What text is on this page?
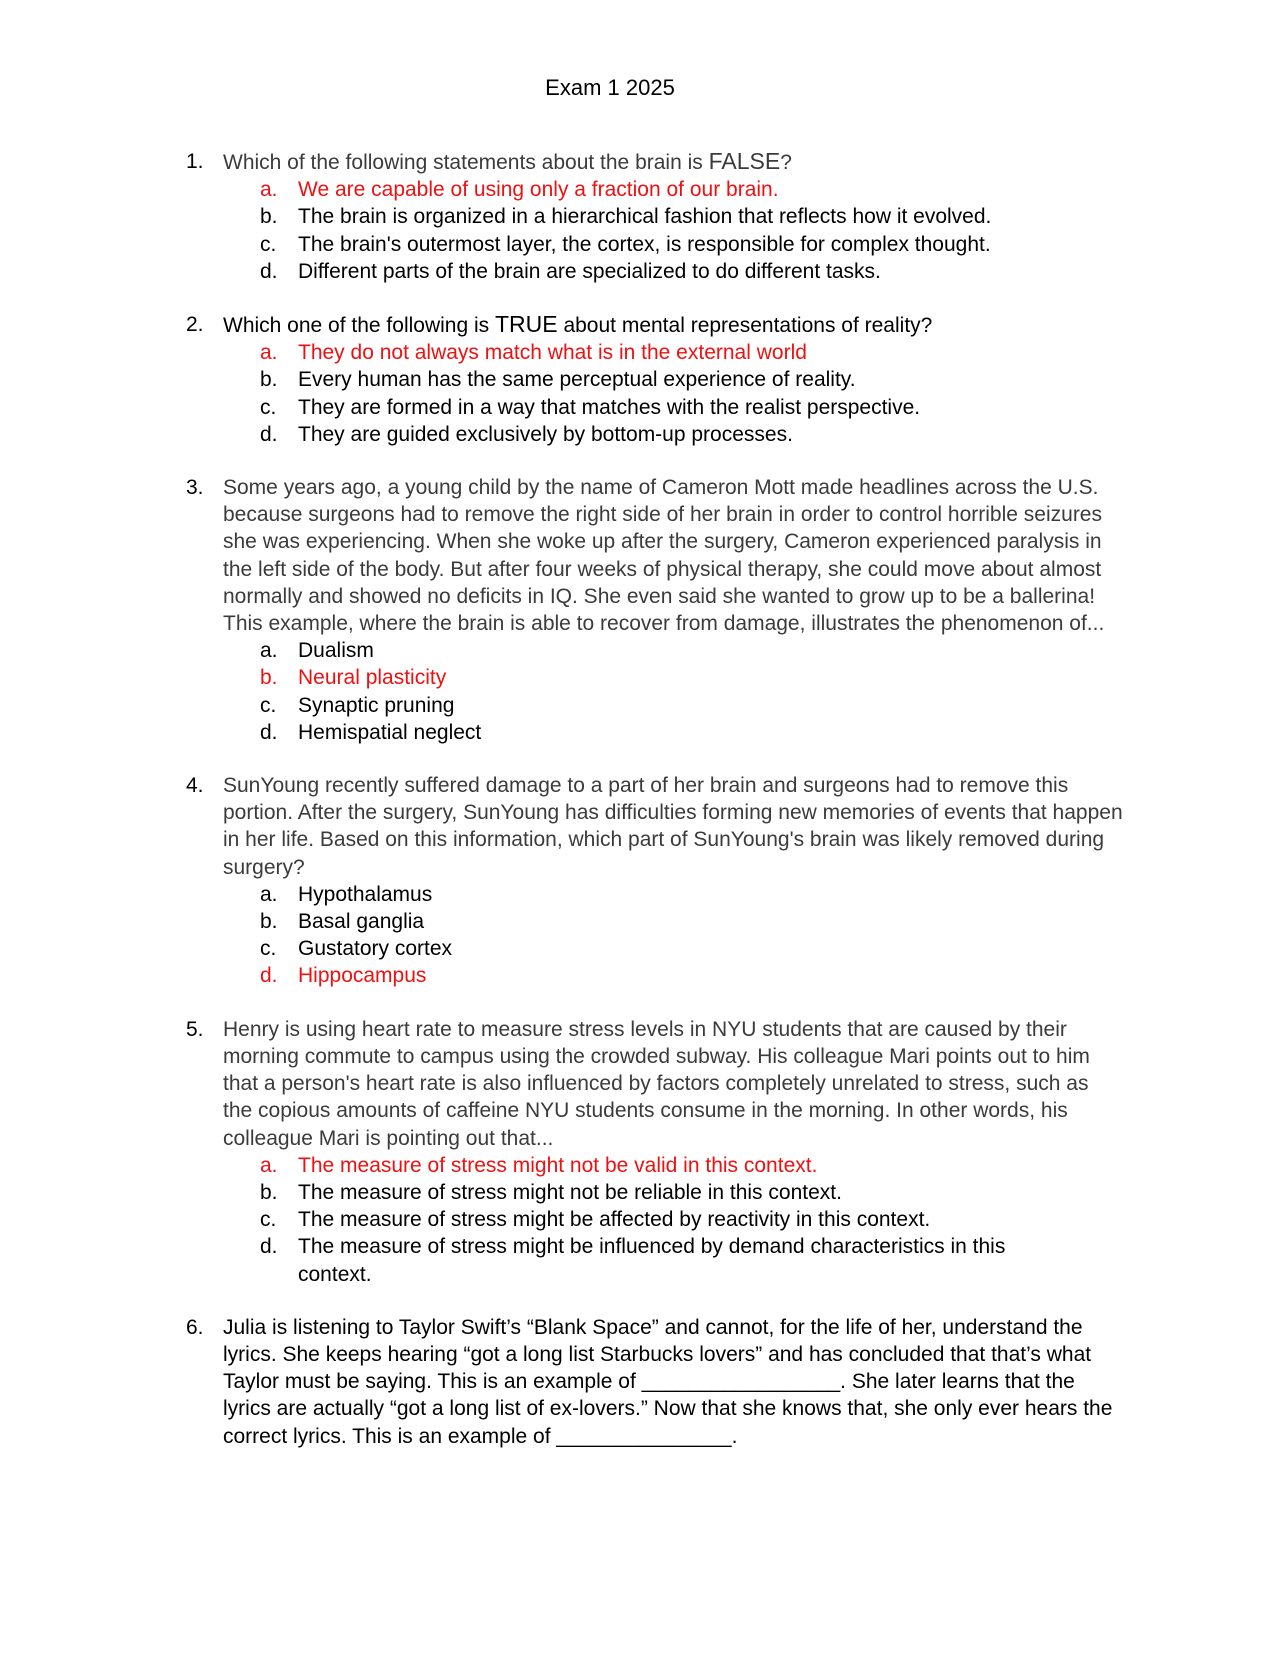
Exam 1 2025
1. Which of the following statements about the brain is FALSE?
a. We are capable of using only a fraction of our brain.
b. The brain is organized in a hierarchical fashion that reflects how it evolved.
c. The brain's outermost layer, the cortex, is responsible for complex thought.
d. Different parts of the brain are specialized to do different tasks.
2. Which one of the following is TRUE about mental representations of reality?
a. They do not always match what is in the external world
b. Every human has the same perceptual experience of reality.
c. They are formed in a way that matches with the realist perspective.
d. They are guided exclusively by bottom-up processes.
3. Some years ago, a young child by the name of Cameron Mott made headlines across the U.S. because surgeons had to remove the right side of her brain in order to control horrible seizures she was experiencing. When she woke up after the surgery, Cameron experienced paralysis in the left side of the body. But after four weeks of physical therapy, she could move about almost normally and showed no deficits in IQ. She even said she wanted to grow up to be a ballerina! This example, where the brain is able to recover from damage, illustrates the phenomenon of...
a. Dualism
b. Neural plasticity
c. Synaptic pruning
d. Hemispatial neglect
4. SunYoung recently suffered damage to a part of her brain and surgeons had to remove this portion. After the surgery, SunYoung has difficulties forming new memories of events that happen in her life. Based on this information, which part of SunYoung's brain was likely removed during surgery?
a. Hypothalamus
b. Basal ganglia
c. Gustatory cortex
d. Hippocampus
5. Henry is using heart rate to measure stress levels in NYU students that are caused by their morning commute to campus using the crowded subway. His colleague Mari points out to him that a person's heart rate is also influenced by factors completely unrelated to stress, such as the copious amounts of caffeine NYU students consume in the morning. In other words, his colleague Mari is pointing out that...
a. The measure of stress might not be valid in this context.
b. The measure of stress might not be reliable in this context.
c. The measure of stress might be affected by reactivity in this context.
d. The measure of stress might be influenced by demand characteristics in this context.
6. Julia is listening to Taylor Swift’s “Blank Space” and cannot, for the life of her, understand the lyrics. She keeps hearing “got a long list Starbucks lovers” and has concluded that that’s what Taylor must be saying. This is an example of _________________. She later learns that the lyrics are actually “got a long list of ex-lovers.” Now that she knows that, she only ever hears the correct lyrics. This is an example of _______________.
